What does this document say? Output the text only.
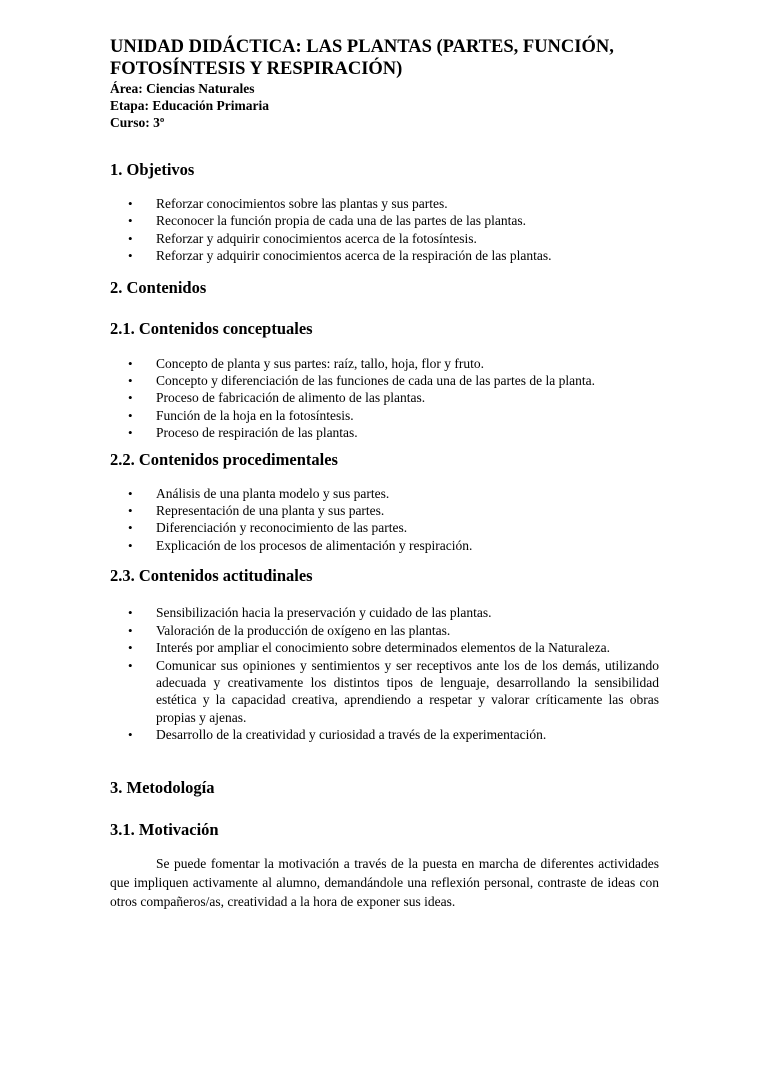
UNIDAD DIDÁCTICA: LAS PLANTAS (PARTES, FUNCIÓN, FOTOSÍNTESIS Y RESPIRACIÓN)

Área: Ciencias Naturales

Etapa: Educación Primaria

Curso: 3º

1. Objetivos
• Reforzar conocimientos sobre las plantas y sus partes.
• Reconocer la función propia de cada una de las partes de las plantas.
• Reforzar y adquirir conocimientos acerca de la fotosíntesis.
• Reforzar y adquirir conocimientos acerca de la respiración de las plantas.
2. Contenidos
2.1. Contenidos conceptuales
• Concepto de planta y sus partes: raíz, tallo, hoja, flor y fruto.
• Concepto y diferenciación de las funciones de cada una de las partes de la planta.
• Proceso de fabricación de alimento de las plantas.
• Función de la hoja en la fotosíntesis.
• Proceso de respiración de las plantas.
2.2. Contenidos procedimentales
• Análisis de una planta modelo y sus partes.
• Representación de una planta y sus partes.
• Diferenciación y reconocimiento de las partes.
• Explicación de los procesos de alimentación y respiración.
2.3. Contenidos actitudinales
• Sensibilización hacia la preservación y cuidado de las plantas.
• Valoración de la producción de oxígeno en las plantas.
• Interés por ampliar el conocimiento sobre determinados elementos de la Naturaleza.
• Comunicar sus opiniones y sentimientos y ser receptivos ante los de los demás, utilizando adecuada y creativamente los distintos tipos de lenguaje, desarrollando la sensibilidad estética y la capacidad creativa, aprendiendo a respetar y valorar críticamente las obras propias y ajenas.
• Desarrollo de la creatividad y curiosidad a través de la experimentación.
3. Metodología
3.1. Motivación

Se puede fomentar la motivación a través de la puesta en marcha de diferentes actividades que impliquen activamente al alumno, demandándole una reflexión personal, contraste de ideas con otros compañeros/as, creatividad a la hora de exponer sus ideas.
